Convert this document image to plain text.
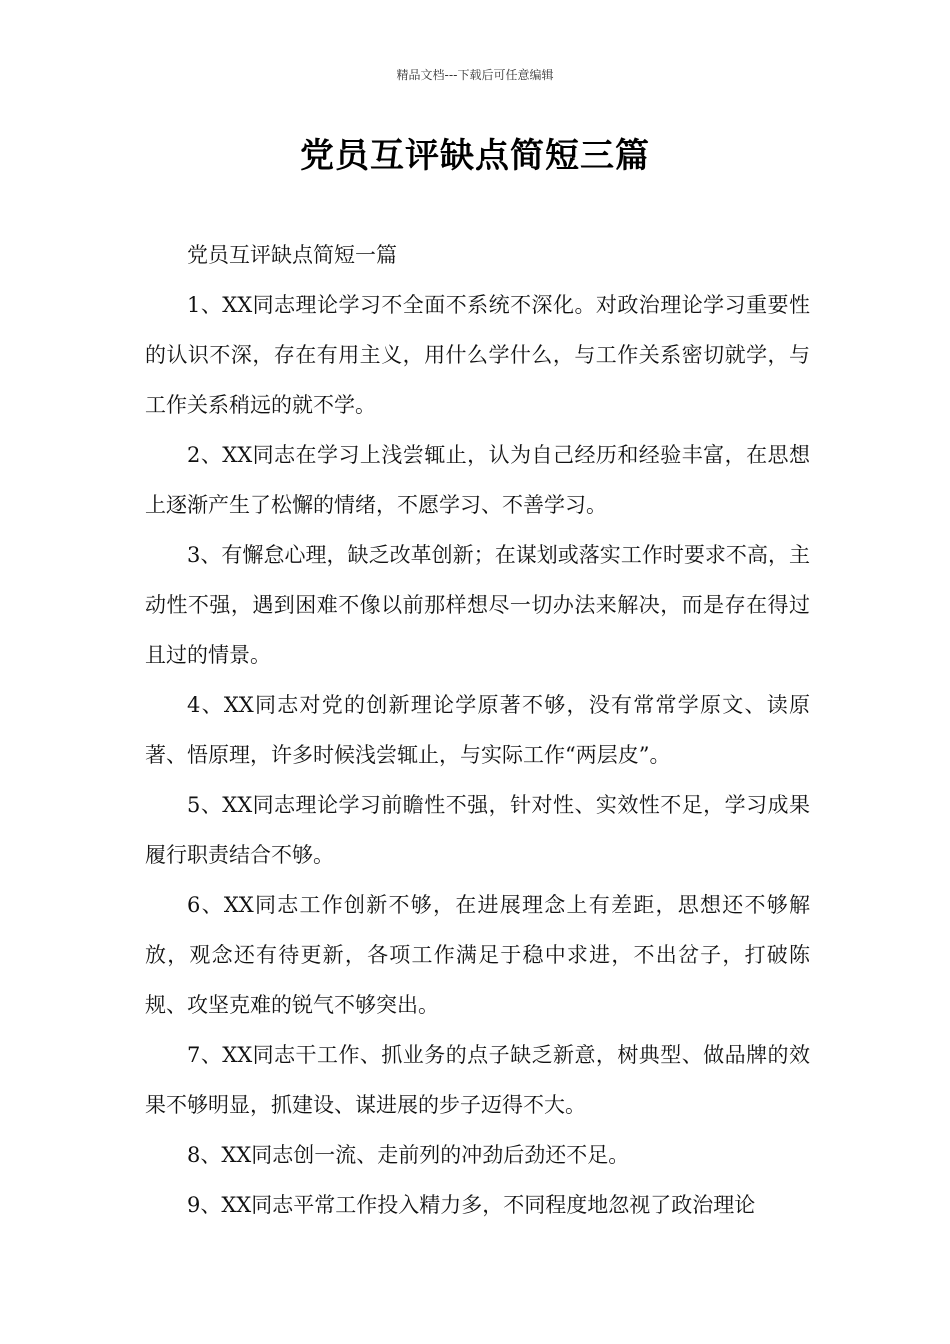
精品文档---下载后可任意编辑
党员互评缺点简短三篇

党员互评缺点简短一篇

1、XX同志理论学习不全面不系统不深化。对政治理论学习重要性的认识不深，存在有用主义，用什么学什么，与工作关系密切就学，与工作关系稍远的就不学。

2、XX同志在学习上浅尝辄止，认为自己经历和经验丰富，在思想上逐渐产生了松懈的情绪，不愿学习、不善学习。

3、有懈怠心理，缺乏改革创新；在谋划或落实工作时要求不高，主动性不强，遇到困难不像以前那样想尽一切办法来解决，而是存在得过且过的情景。

4、XX同志对党的创新理论学原著不够，没有常常学原文、读原著、悟原理，许多时候浅尝辄止，与实际工作“两层皮”。

5、XX同志理论学习前瞻性不强，针对性、实效性不足，学习成果履行职责结合不够。

6、XX同志工作创新不够，在进展理念上有差距，思想还不够解放，观念还有待更新，各项工作满足于稳中求进，不出岔子，打破陈规、攻坚克难的锐气不够突出。

7、XX同志干工作、抓业务的点子缺乏新意，树典型、做品牌的效果不够明显，抓建设、谋进展的步子迈得不大。

8、XX同志创一流、走前列的冲劲后劲还不足。

9、XX同志平常工作投入精力多，不同程度地忽视了政治理论
